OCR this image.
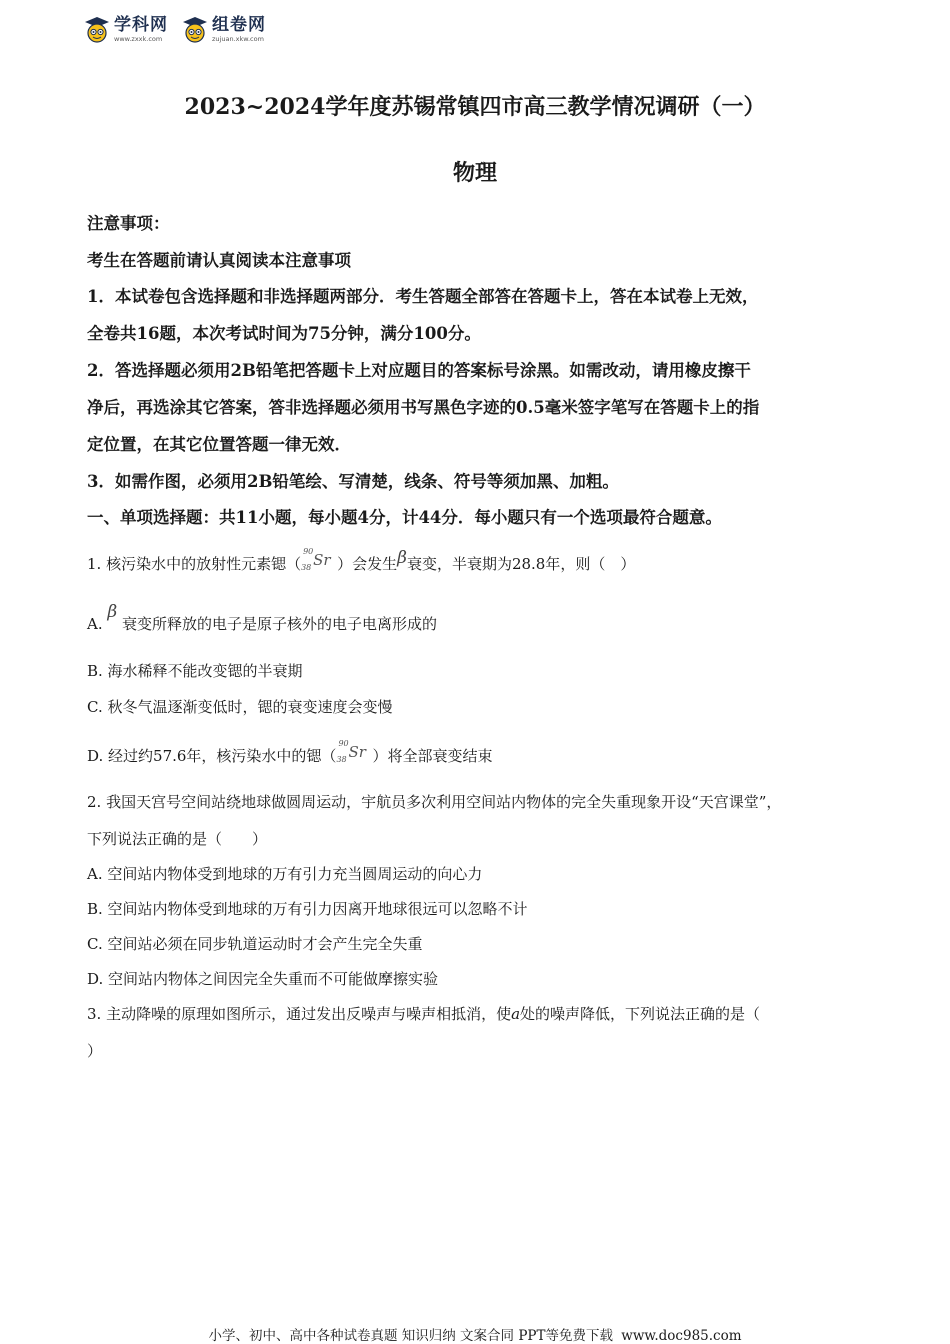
学科网
www.zxxk.com
组卷网
zujuan.xkw.com
2023~2024学年度苏锡常镇四市高三教学情况调研（一）
物理
注意事项：
考生在答题前请认真阅读本注意事项
1．本试卷包含选择题和非选择题两部分．考生答题全部答在答题卡上，答在本试卷上无效，
全卷共16题，本次考试时间为75分钟，满分100分。
2．答选择题必须用2B铅笔把答题卡上对应题目的答案标号涂黑。如需改动，请用橡皮擦干
净后，再选涂其它答案，答非选择题必须用书写黑色字迹的0.5毫米签字笔写在答题卡上的指
定位置，在其它位置答题一律无效．
3．如需作图，必须用2B铅笔绘、写清楚，线条、符号等须加黑、加粗。
一、单项选择题：共11小题，每小题4分，计44分．每小题只有一个选项最符合题意。
1. 核污染水中的放射性元素锶（
90
38 Sr ）会发生β衰变，半衰期为28.8年，则（　）
A. β 衰变所释放的电子是原子核外的电子电离形成的
B. 海水稀释不能改变锶的半衰期
C. 秋冬气温逐渐变低时，锶的衰变速度会变慢
D. 经过约57.6年，核污染水中的锶（
90
38 Sr ）将全部衰变结束
2. 我国天宫号空间站绕地球做圆周运动，宇航员多次利用空间站内物体的完全失重现象开设“天宫课堂”，
下列说法正确的是（　　）
A. 空间站内物体受到地球的万有引力充当圆周运动的向心力
B. 空间站内物体受到地球的万有引力因离开地球很远可以忽略不计
C. 空间站必须在同步轨道运动时才会产生完全失重
D. 空间站内物体之间因完全失重而不可能做摩擦实验
3. 主动降噪的原理如图所示，通过发出反噪声与噪声相抵消，使a处的噪声降低，下列说法正确的是（
）
小学、初中、高中各种试卷真题 知识归纳 文案合同 PPT等免费下载 www.doc985.com
